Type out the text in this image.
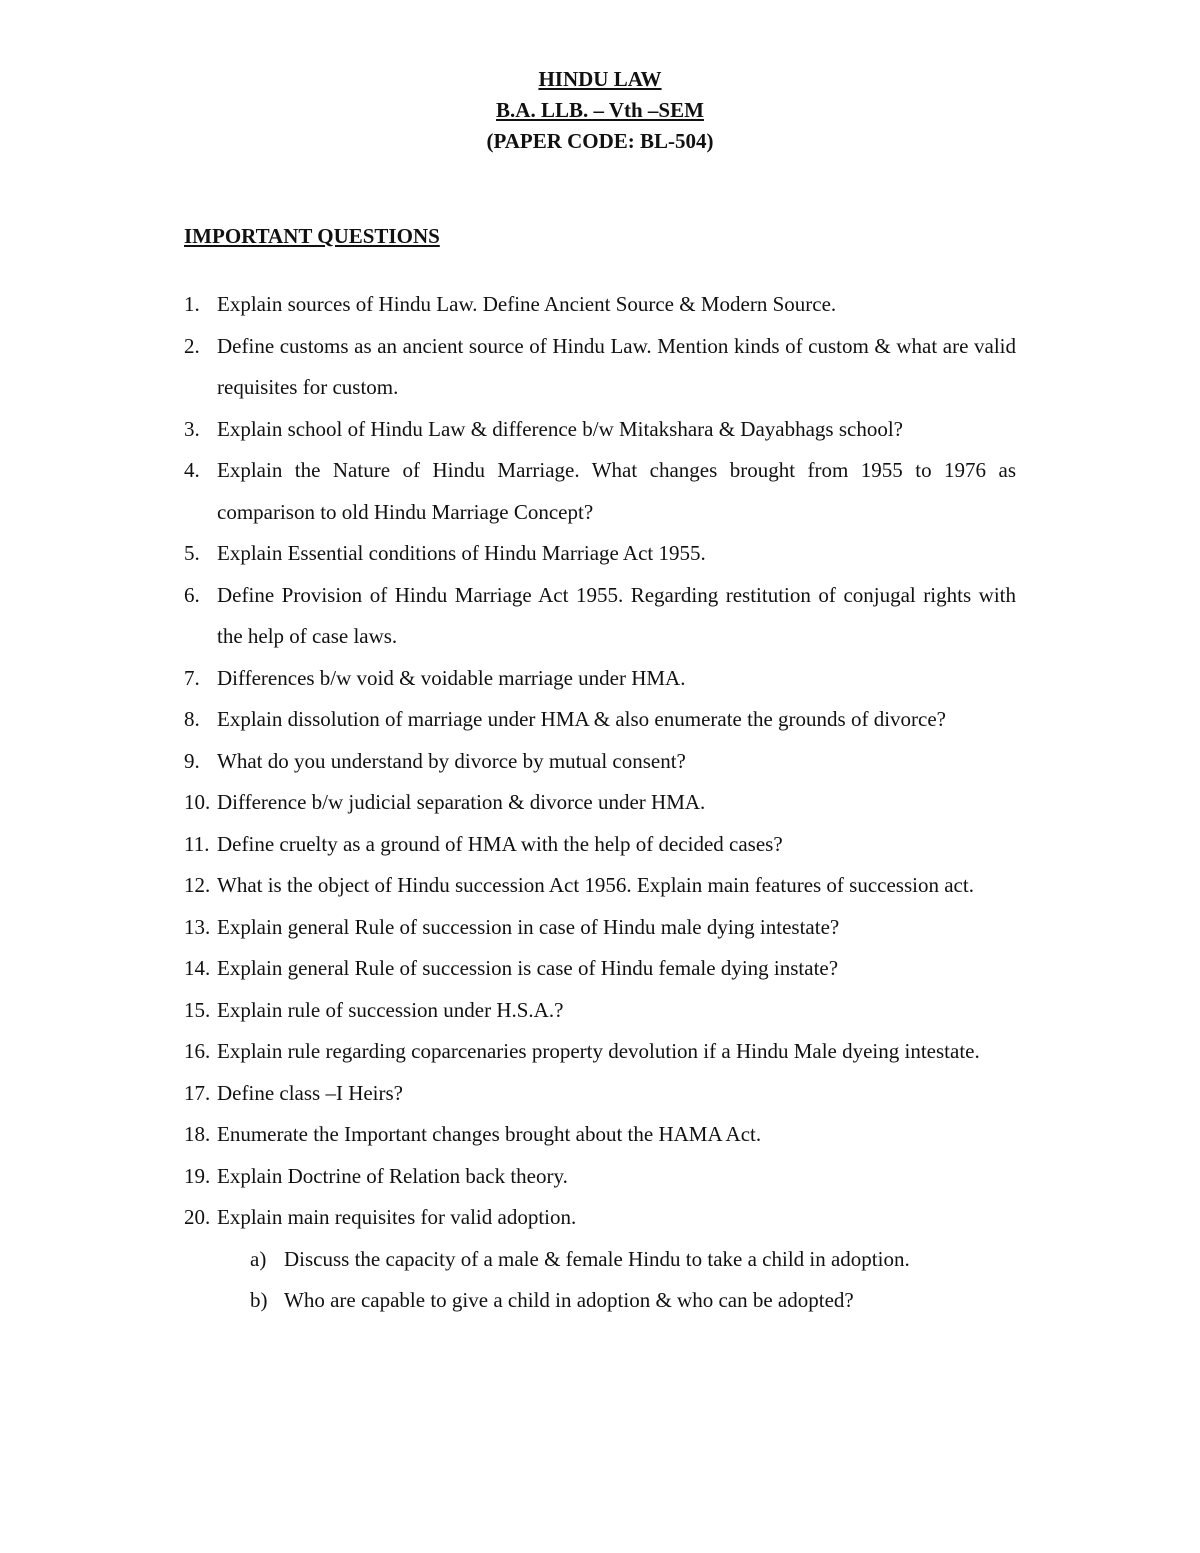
HINDU LAW
B.A. LLB. – Vth –SEM
(PAPER CODE: BL-504)
IMPORTANT QUESTIONS
1. Explain sources of Hindu Law. Define Ancient Source & Modern Source.
2. Define customs as an ancient source of Hindu Law. Mention kinds of custom & what are valid requisites for custom.
3. Explain school of Hindu Law & difference b/w Mitakshara & Dayabhags school?
4. Explain the Nature of Hindu Marriage. What changes brought from 1955 to 1976 as comparison to old Hindu Marriage Concept?
5. Explain Essential conditions of Hindu Marriage Act 1955.
6. Define Provision of Hindu Marriage Act 1955. Regarding restitution of conjugal rights with the help of case laws.
7. Differences b/w void & voidable marriage under HMA.
8. Explain dissolution of marriage under HMA & also enumerate the grounds of divorce?
9. What do you understand by divorce by mutual consent?
10. Difference b/w judicial separation & divorce under HMA.
11. Define cruelty as a ground of HMA with the help of decided cases?
12. What is the object of Hindu succession Act 1956. Explain main features of succession act.
13. Explain general Rule of succession in case of Hindu male dying intestate?
14. Explain general Rule of succession is case of Hindu female dying instate?
15. Explain rule of succession under H.S.A.?
16. Explain rule regarding coparcenaries property devolution if a Hindu Male dyeing intestate.
17. Define class –I Heirs?
18. Enumerate the Important changes brought about the HAMA Act.
19. Explain Doctrine of Relation back theory.
20. Explain main requisites for valid adoption.
a) Discuss the capacity of a male & female Hindu to take a child in adoption.
b) Who are capable to give a child in adoption & who can be adopted?
